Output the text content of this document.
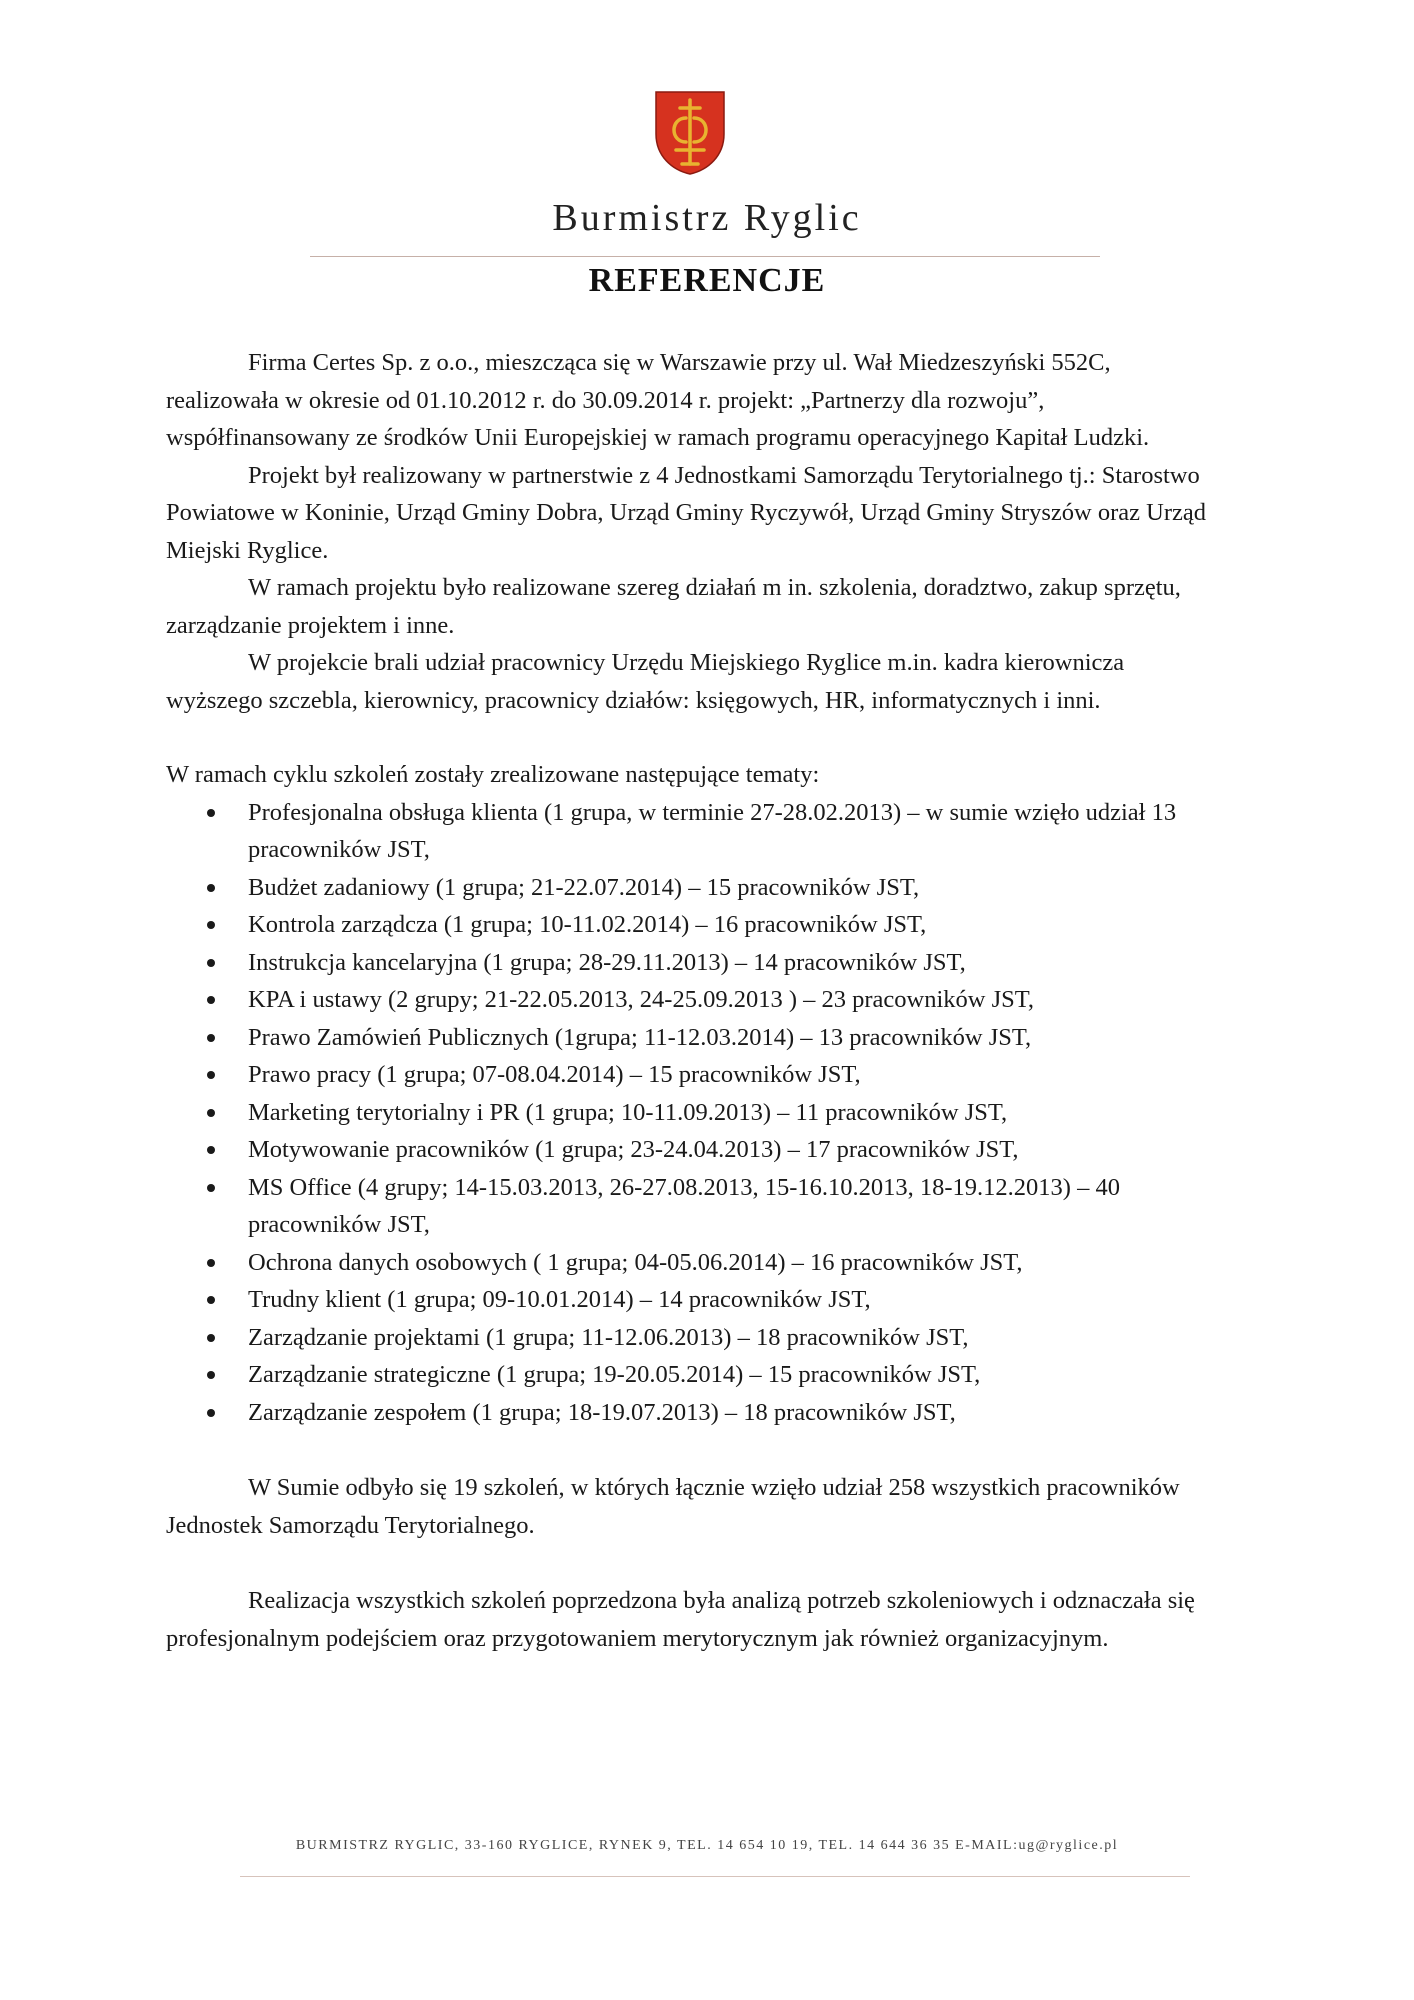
Burmistrz Ryglic
REFERENCJE

Firma Certes Sp. z o.o., mieszcząca się w Warszawie przy ul. Wał Miedzeszyński 552C, realizowała w okresie od 01.10.2012 r. do 30.09.2014 r. projekt: „Partnerzy dla rozwoju”, współfinansowany ze środków Unii Europejskiej w ramach programu operacyjnego Kapitał Ludzki.

Projekt był realizowany w partnerstwie z 4 Jednostkami Samorządu Terytorialnego tj.: Starostwo Powiatowe w Koninie, Urząd Gminy Dobra, Urząd Gminy Ryczywół, Urząd Gminy Stryszów oraz Urząd Miejski Ryglice.

W ramach projektu było realizowane szereg działań m in. szkolenia, doradztwo, zakup sprzętu, zarządzanie projektem i inne.

W projekcie brali udział pracownicy Urzędu Miejskiego Ryglice m.in. kadra kierownicza wyższego szczebla, kierownicy, pracownicy działów: księgowych, HR, informatycznych i inni.

W ramach cyklu szkoleń zostały zrealizowane następujące tematy:

Profesjonalna obsługa klienta (1 grupa, w terminie 27-28.02.2013) – w sumie wzięło udział 13 pracowników JST,
Budżet zadaniowy (1 grupa; 21-22.07.2014) – 15 pracowników JST,
Kontrola zarządcza (1 grupa; 10-11.02.2014) – 16 pracowników JST,
Instrukcja kancelaryjna (1 grupa; 28-29.11.2013) – 14 pracowników JST,
KPA i ustawy (2 grupy; 21-22.05.2013, 24-25.09.2013 ) – 23 pracowników JST,
Prawo Zamówień Publicznych (1grupa; 11-12.03.2014) – 13 pracowników JST,
Prawo pracy (1 grupa; 07-08.04.2014) – 15 pracowników JST,
Marketing terytorialny i PR (1 grupa; 10-11.09.2013) – 11 pracowników JST,
Motywowanie pracowników (1 grupa; 23-24.04.2013) – 17 pracowników JST,
MS Office (4 grupy; 14-15.03.2013, 26-27.08.2013, 15-16.10.2013, 18-19.12.2013) – 40 pracowników JST,
Ochrona danych osobowych ( 1 grupa; 04-05.06.2014) – 16 pracowników JST,
Trudny klient (1 grupa; 09-10.01.2014) – 14 pracowników JST,
Zarządzanie projektami (1 grupa; 11-12.06.2013) – 18 pracowników JST,
Zarządzanie strategiczne (1 grupa; 19-20.05.2014) – 15 pracowników JST,
Zarządzanie zespołem (1 grupa; 18-19.07.2013) – 18 pracowników JST,

W Sumie odbyło się 19 szkoleń, w których łącznie wzięło udział 258 wszystkich pracowników Jednostek Samorządu Terytorialnego.

Realizacja wszystkich szkoleń poprzedzona była analizą potrzeb szkoleniowych i odznaczała się profesjonalnym podejściem oraz przygotowaniem merytorycznym jak również organizacyjnym.

BURMISTRZ RYGLIC, 33-160 RYGLICE, RYNEK 9, TEL. 14 654 10 19, TEL. 14 644 36 35 E-MAIL:ug@ryglice.pl
